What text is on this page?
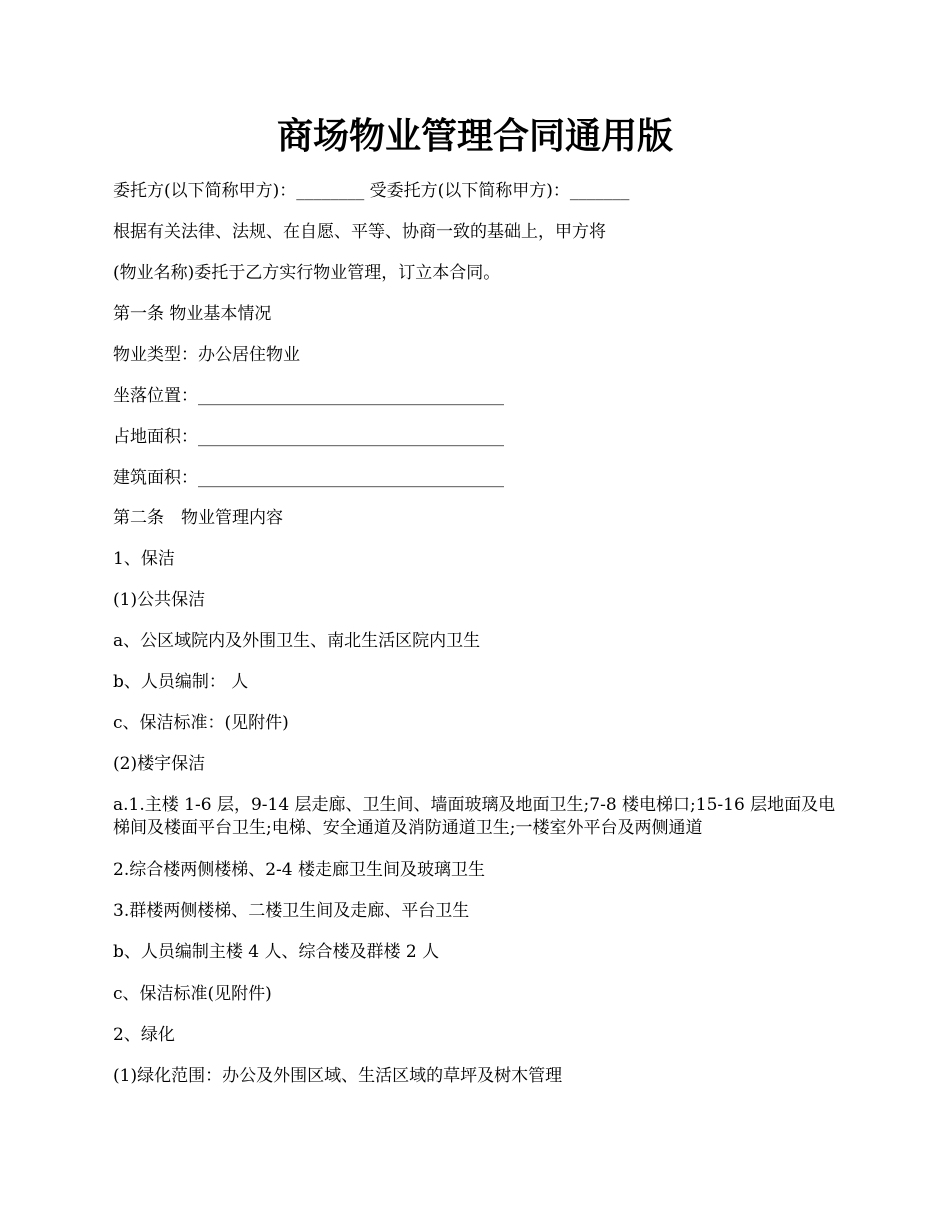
商场物业管理合同通用版

委托方(以下简称甲方)：________ 受委托方(以下简称甲方)：_______

根据有关法律、法规、在自愿、平等、协商一致的基础上，甲方将

(物业名称)委托于乙方实行物业管理，订立本合同。

第一条 物业基本情况

物业类型：办公居住物业

坐落位置：____________________________________

占地面积：____________________________________

建筑面积：____________________________________

第二条　物业管理内容

1、保洁

(1)公共保洁

a、公区域院内及外围卫生、南北生活区院内卫生

b、人员编制： 人

c、保洁标准：(见附件)

(2)楼宇保洁

a.1.主楼 1-6 层，9-14 层走廊、卫生间、墙面玻璃及地面卫生;7-8 楼电梯口;15-16 层地面及电梯间及楼面平台卫生;电梯、安全通道及消防通道卫生;一楼室外平台及两侧通道

2.综合楼两侧楼梯、2-4 楼走廊卫生间及玻璃卫生

3.群楼两侧楼梯、二楼卫生间及走廊、平台卫生

b、人员编制主楼 4 人、综合楼及群楼 2 人

c、保洁标准(见附件)

2、绿化

(1)绿化范围：办公及外围区域、生活区域的草坪及树木管理
